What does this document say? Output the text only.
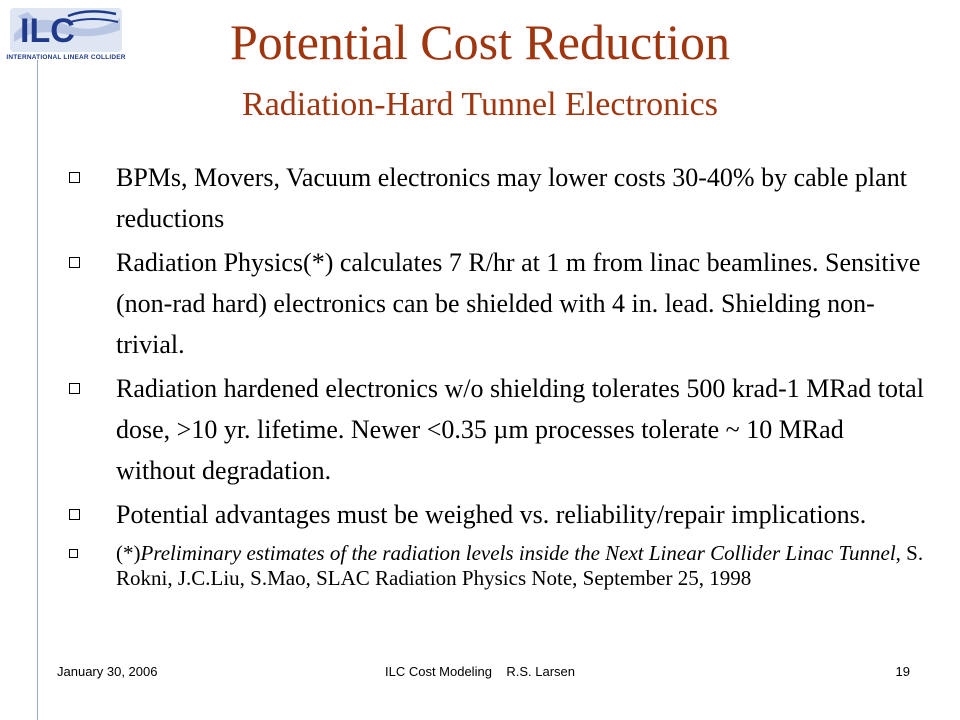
ILC
INTERNATIONAL LINEAR COLLIDER	Potential Cost Reduction
Radiation-Hard Tunnel Electronics
BPMs, Movers, Vacuum electronics may lower costs 30-40% by cable plant reductions
Radiation Physics(*) calculates 7 R/hr at 1 m from linac beamlines. Sensitive (non-rad hard) electronics can be shielded with 4 in. lead. Shielding non-trivial.
Radiation hardened electronics w/o shielding tolerates 500 krad-1 MRad total dose, >10 yr. lifetime. Newer <0.35 µm processes tolerate ~ 10 MRad without degradation.
Potential advantages must be weighed vs. reliability/repair implications.
(*)Preliminary estimates of the radiation levels inside the Next Linear Collider Linac Tunnel, S. Rokni, J.C.Liu, S.Mao, SLAC Radiation Physics Note, September 25, 1998
January 30, 2006	ILC Cost Modeling    R.S. Larsen	19
